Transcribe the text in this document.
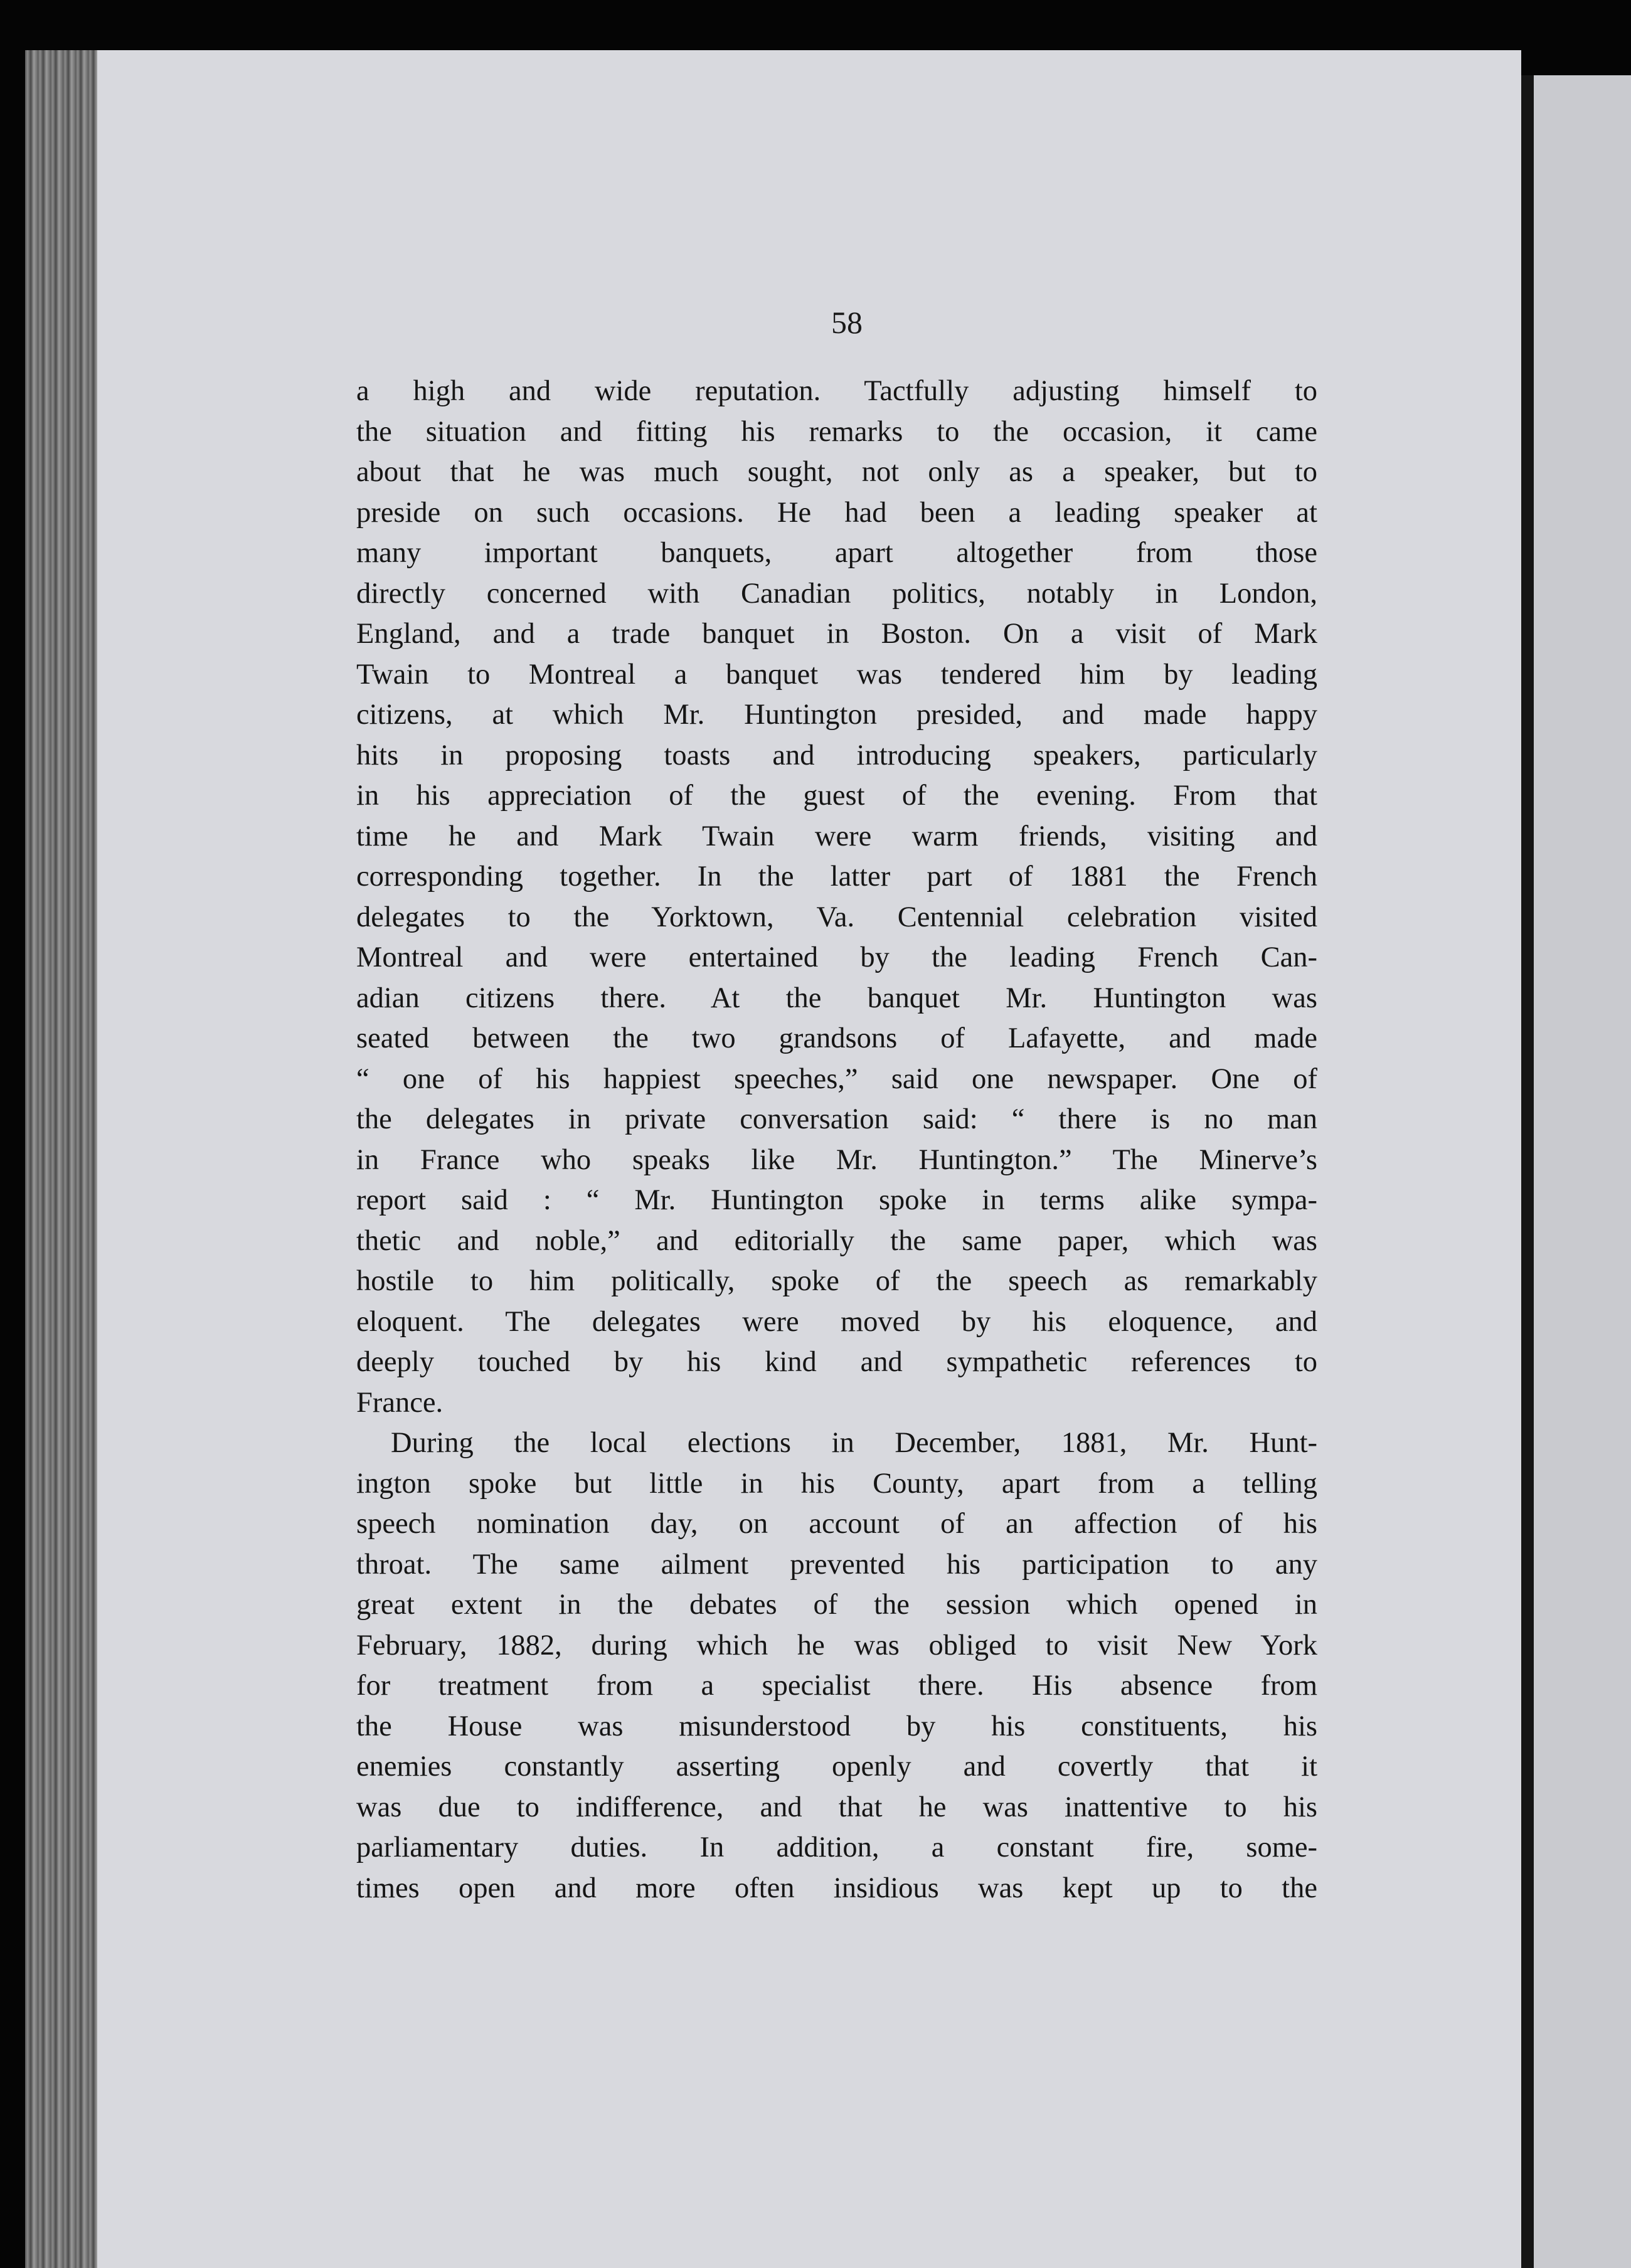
58
a high and wide reputation. Tactfully adjusting himself to
the situation and fitting his remarks to the occasion, it came
about that he was much sought, not only as a speaker, but to
preside on such occasions. He had been a leading speaker at
many important banquets, apart altogether from those
directly concerned with Canadian politics, notably in London,
England, and a trade banquet in Boston. On a visit of Mark
Twain to Montreal a banquet was tendered him by leading
citizens, at which Mr. Huntington presided, and made happy
hits in proposing toasts and introducing speakers, particularly
in his appreciation of the guest of the evening. From that
time he and Mark Twain were warm friends, visiting and
corresponding together. In the latter part of 1881 the French
delegates to the Yorktown, Va. Centennial celebration visited
Montreal and were entertained by the leading French Can-
adian citizens there. At the banquet Mr. Huntington was
seated between the two grandsons of Lafayette, and made
“ one of his happiest speeches,” said one newspaper. One of
the delegates in private conversation said: “ there is no man
in France who speaks like Mr. Huntington.” The Minerve’s
report said : “ Mr. Huntington spoke in terms alike sympa-
thetic and noble,” and editorially the same paper, which was
hostile to him politically, spoke of the speech as remarkably
eloquent. The delegates were moved by his eloquence, and
deeply touched by his kind and sympathetic references to
France.
During the local elections in December, 1881, Mr. Hunt-
ington spoke but little in his County, apart from a telling
speech nomination day, on account of an affection of his
throat. The same ailment prevented his participation to any
great extent in the debates of the session which opened in
February, 1882, during which he was obliged to visit New York
for treatment from a specialist there. His absence from
the House was misunderstood by his constituents, his
enemies constantly asserting openly and covertly that it
was due to indifference, and that he was inattentive to his
parliamentary duties. In addition, a constant fire, some-
times open and more often insidious was kept up to the
